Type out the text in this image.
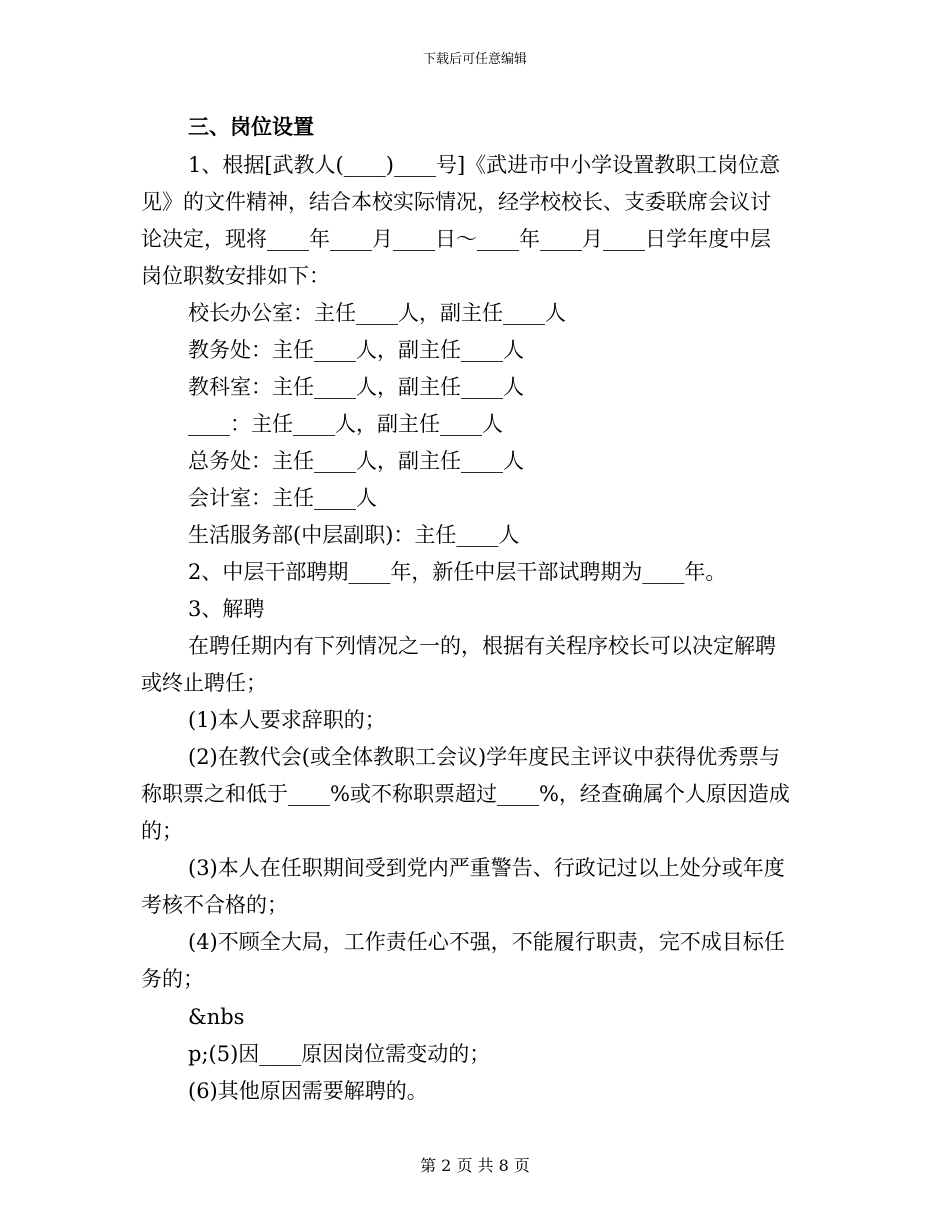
下载后可任意编辑
三、岗位设置
1、根据[武教人(____)____号]《武进市中小学设置教职工岗位意
见》的文件精神，结合本校实际情况，经学校校长、支委联席会议讨
论决定，现将____年____月____日～____年____月____日学年度中层
岗位职数安排如下：
校长办公室：主任____人，副主任____人
教务处：主任____人，副主任____人
教科室：主任____人，副主任____人
____：主任____人，副主任____人
总务处：主任____人，副主任____人
会计室：主任____人
生活服务部(中层副职)：主任____人
2、中层干部聘期____年，新任中层干部试聘期为____年。
3、解聘
在聘任期内有下列情况之一的，根据有关程序校长可以决定解聘
或终止聘任；
(1)本人要求辞职的；
(2)在教代会(或全体教职工会议)学年度民主评议中获得优秀票与
称职票之和低于____%或不称职票超过____%，经查确属个人原因造成
的；
(3)本人在任职期间受到党内严重警告、行政记过以上处分或年度
考核不合格的；
(4)不顾全大局，工作责任心不强，不能履行职责，完不成目标任
务的；
&nbs
p;(5)因____原因岗位需变动的；
(6)其他原因需要解聘的。
第 2 页 共 8 页
